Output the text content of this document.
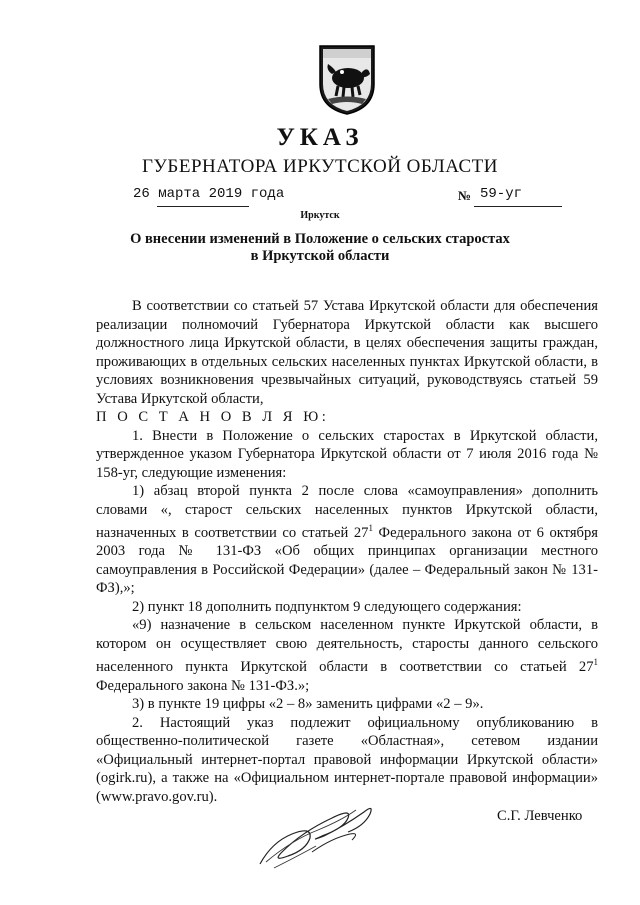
УКАЗ
ГУБЕРНАТОРА ИРКУТСКОЙ ОБЛАСТИ
26 марта 2019 года	№ 59-уг
Иркутск
О внесении изменений в Положение о сельских старостах
в Иркутской области
В соответствии со статьей 57 Устава Иркутской области для обеспечения реализации полномочий Губернатора Иркутской области как высшего должностного лица Иркутской области, в целях обеспечения защиты граждан, проживающих в отдельных сельских населенных пунктах Иркутской области, в условиях возникновения чрезвычайных ситуаций, руководствуясь статьей 59 Устава Иркутской области,
П О С Т А Н О В Л Я Ю:
1. Внести в Положение о сельских старостах в Иркутской области, утвержденное указом Губернатора Иркутской области от 7 июля 2016 года № 158-уг, следующие изменения:
1) абзац второй пункта 2 после слова «самоуправления» дополнить словами «, старост сельских населенных пунктов Иркутской области, назначенных в соответствии со статьей $27^1$ Федерального закона от 6 октября 2003 года № 131-ФЗ «Об общих принципах организации местного самоуправления в Российской Федерации» (далее – Федеральный закон № 131-ФЗ),»;
2) пункт 18 дополнить подпунктом 9 следующего содержания:
«9) назначение в сельском населенном пункте Иркутской области, в котором он осуществляет свою деятельность, старосты данного сельского населенного пункта Иркутской области в соответствии со статьей $27^1$ Федерального закона № 131-ФЗ.»;
3) в пункте 19 цифры «2 – 8» заменить цифрами «2 – 9».
2. Настоящий указ подлежит официальному опубликованию в общественно-политической газете «Областная», сетевом издании «Официальный интернет-портал правовой информации Иркутской области» (ogirk.ru), а также на «Официальном интернет-портале правовой информации» (www.pravo.gov.ru).
С.Г. Левченко
